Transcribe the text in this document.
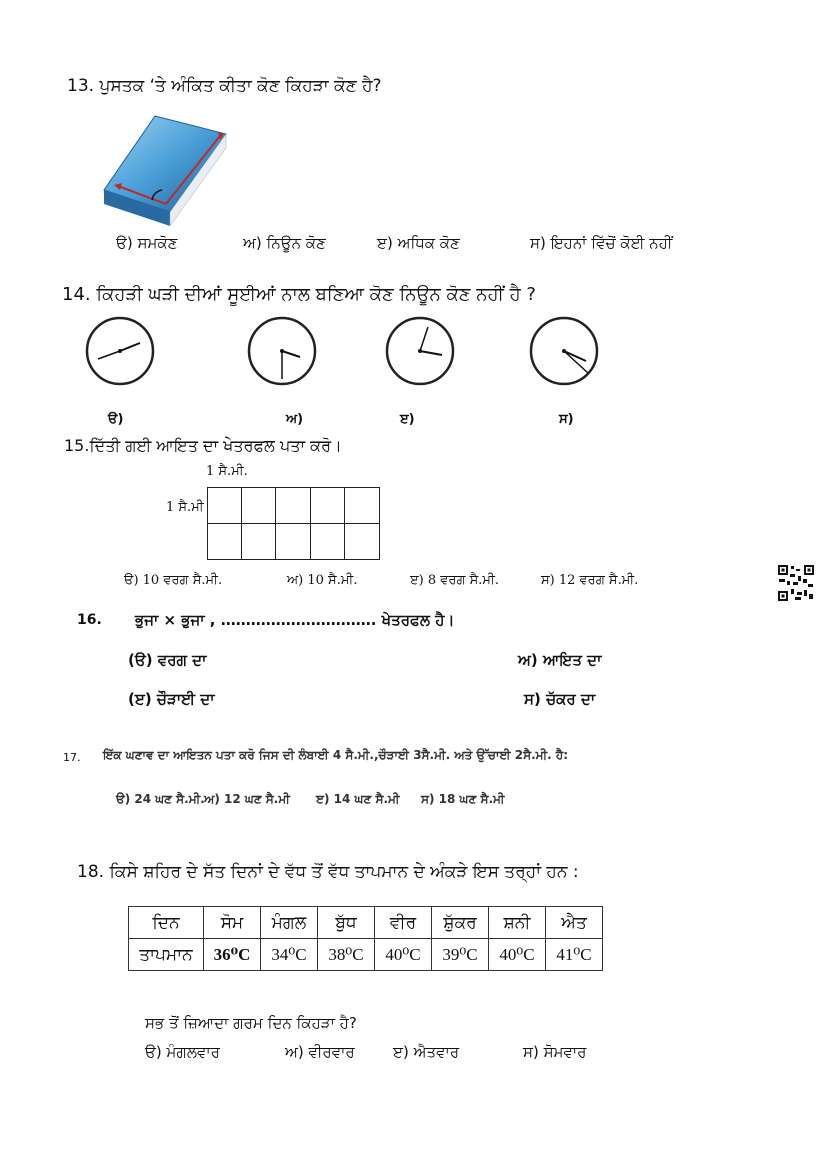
13. ਪੁਸਤਕ ‘ਤੇ ਅੰਕਿਤ ਕੀਤਾ ਕੋਣ ਕਿਹੜਾ ਕੋਣ ਹੈ?
ੳ) ਸਮਕੋਣ	ਅ) ਨਿਊਨ ਕੋਣ	ੲ) ਅਧਿਕ ਕੋਣ	ਸ) ਇਹਨਾਂ ਵਿੱਚੋਂ ਕੋਈ ਨਹੀਂ
14. ਕਿਹੜੀ ਘੜੀ ਦੀਆਂ ਸੂਈਆਂ ਨਾਲ ਬਣਿਆ ਕੋਣ ਨਿਊਨ ਕੋਣ ਨਹੀਂ ਹੈ ?
ੳ)	ਅ)	ੲ)	ਸ)
15.ਦਿੱਤੀ ਗਈ ਆਇਤ ਦਾ ਖੇਤਰਫਲ ਪਤਾ ਕਰੋ।
1 ਸੈ.ਮੀ.
1 ਸੈ.ਮੀ
ੳ) 10 ਵਰਗ ਸੈ.ਮੀ.	ਅ) 10 ਸੈ.ਮੀ.	ੲ) 8 ਵਰਗ ਸੈ.ਮੀ.	ਸ) 12 ਵਰਗ ਸੈ.ਮੀ.
16. ਭੁਜਾ × ਭੁਜਾ , …………………………. ਖੇਤਰਫਲ ਹੈ।
(ੳ) ਵਰਗ ਦਾ	ਅ) ਆਇਤ ਦਾ
(ੲ) ਚੌੜਾਈ ਦਾ	ਸ) ਚੱਕਰ ਦਾ
17. ਇੱਕ ਘਣਾਵ ਦਾ ਆਇਤਨ ਪਤਾ ਕਰੋ ਜਿਸ ਦੀ ਲੰਬਾਈ 4 ਸੈ.ਮੀ.,ਚੌੜਾਈ 3ਸੈ.ਮੀ. ਅਤੇ ਉੱਚਾਈ 2ਸੈ.ਮੀ. ਹੈ:
ੳ) 24 ਘਣ ਸੈ.ਮੀ. ਅ) 12 ਘਣ ਸੈ.ਮੀ ੲ) 14 ਘਣ ਸੈ.ਮੀ ਸ) 18 ਘਣ ਸੈ.ਮੀ
18. ਕਿਸੇ ਸ਼ਹਿਰ ਦੇ ਸੱਤ ਦਿਨਾਂ ਦੇ ਵੱਧ ਤੋਂ ਵੱਧ ਤਾਪਮਾਨ ਦੇ ਅੰਕੜੇ ਇਸ ਤਰ੍ਹਾਂ ਹਨ :
ਦਿਨ	ਸੋਮ	ਮੰਗਲ	ਬੁੱਧ	ਵੀਰ	ਸ਼ੁੱਕਰ	ਸ਼ਨੀ	ਐਤ
ਤਾਪਮਾਨ	36⁰C	34⁰C	38⁰C	40⁰C	39⁰C	40⁰C	41⁰C
ਸਭ ਤੋਂ ਜ਼ਿਆਦਾ ਗਰਮ ਦਿਨ ਕਿਹੜਾ ਹੈ?
ੳ) ਮੰਗਲਵਾਰ	ਅ) ਵੀਰਵਾਰ	ੲ) ਐਤਵਾਰ	ਸ) ਸੋਮਵਾਰ
